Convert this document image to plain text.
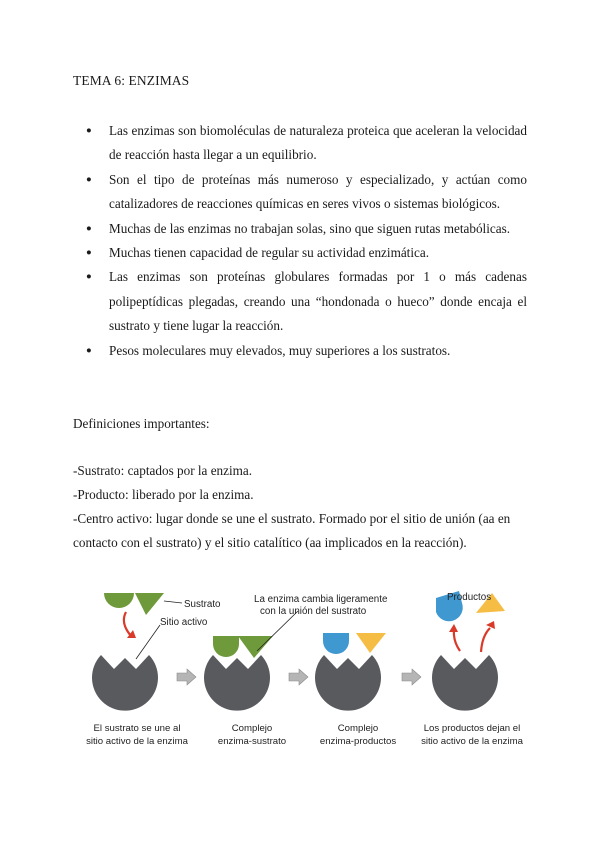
TEMA 6: ENZIMAS
● Las enzimas son biomoléculas de naturaleza proteica que aceleran la velocidad de reacción hasta llegar a un equilibrio.
● Son el tipo de proteínas más numeroso y especializado, y actúan como catalizadores de reacciones químicas en seres vivos o sistemas biológicos.
● Muchas de las enzimas no trabajan solas, sino que siguen rutas metabólicas.
● Muchas tienen capacidad de regular su actividad enzimática.
● Las enzimas son proteínas globulares formadas por 1 o más cadenas polipeptídicas plegadas, creando una “hondonada o hueco” donde encaja el sustrato y tiene lugar la reacción.
● Pesos moleculares muy elevados, muy superiores a los sustratos.
Definiciones importantes:
-Sustrato: captados por la enzima.
-Producto: liberado por la enzima.
-Centro activo: lugar donde se une el sustrato. Formado por el sitio de unión (aa en contacto con el sustrato) y el sitio catalítico (aa implicados en la reacción).
Sustrato
Sitio activo
La enzima cambia ligeramente
con la unión del sustrato
Productos
El sustrato se une al
sitio activo de la enzima
Complejo
enzima-sustrato
Complejo
enzima-productos
Los productos dejan el
sitio activo de la enzima
